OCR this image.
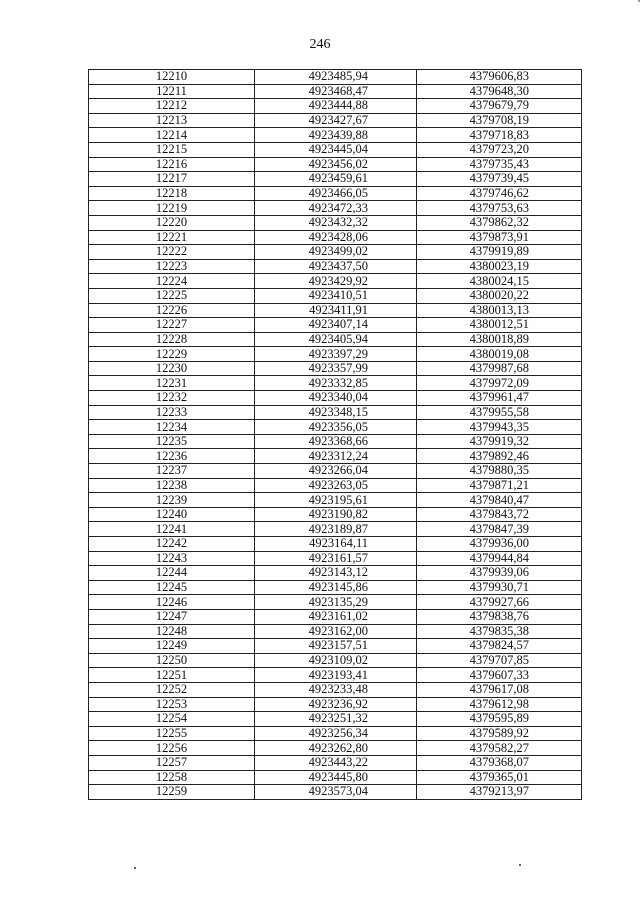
246
12210	4923485,94	4379606,83
12211	4923468,47	4379648,30
12212	4923444,88	4379679,79
12213	4923427,67	4379708,19
12214	4923439,88	4379718,83
12215	4923445,04	4379723,20
12216	4923456,02	4379735,43
12217	4923459,61	4379739,45
12218	4923466,05	4379746,62
12219	4923472,33	4379753,63
12220	4923432,32	4379862,32
12221	4923428,06	4379873,91
12222	4923499,02	4379919,89
12223	4923437,50	4380023,19
12224	4923429,92	4380024,15
12225	4923410,51	4380020,22
12226	4923411,91	4380013,13
12227	4923407,14	4380012,51
12228	4923405,94	4380018,89
12229	4923397,29	4380019,08
12230	4923357,99	4379987,68
12231	4923332,85	4379972,09
12232	4923340,04	4379961,47
12233	4923348,15	4379955,58
12234	4923356,05	4379943,35
12235	4923368,66	4379919,32
12236	4923312,24	4379892,46
12237	4923266,04	4379880,35
12238	4923263,05	4379871,21
12239	4923195,61	4379840,47
12240	4923190,82	4379843,72
12241	4923189,87	4379847,39
12242	4923164,11	4379936,00
12243	4923161,57	4379944,84
12244	4923143,12	4379939,06
12245	4923145,86	4379930,71
12246	4923135,29	4379927,66
12247	4923161,02	4379838,76
12248	4923162,00	4379835,38
12249	4923157,51	4379824,57
12250	4923109,02	4379707,85
12251	4923193,41	4379607,33
12252	4923233,48	4379617,08
12253	4923236,92	4379612,98
12254	4923251,32	4379595,89
12255	4923256,34	4379589,92
12256	4923262,80	4379582,27
12257	4923443,22	4379368,07
12258	4923445,80	4379365,01
12259	4923573,04	4379213,97
